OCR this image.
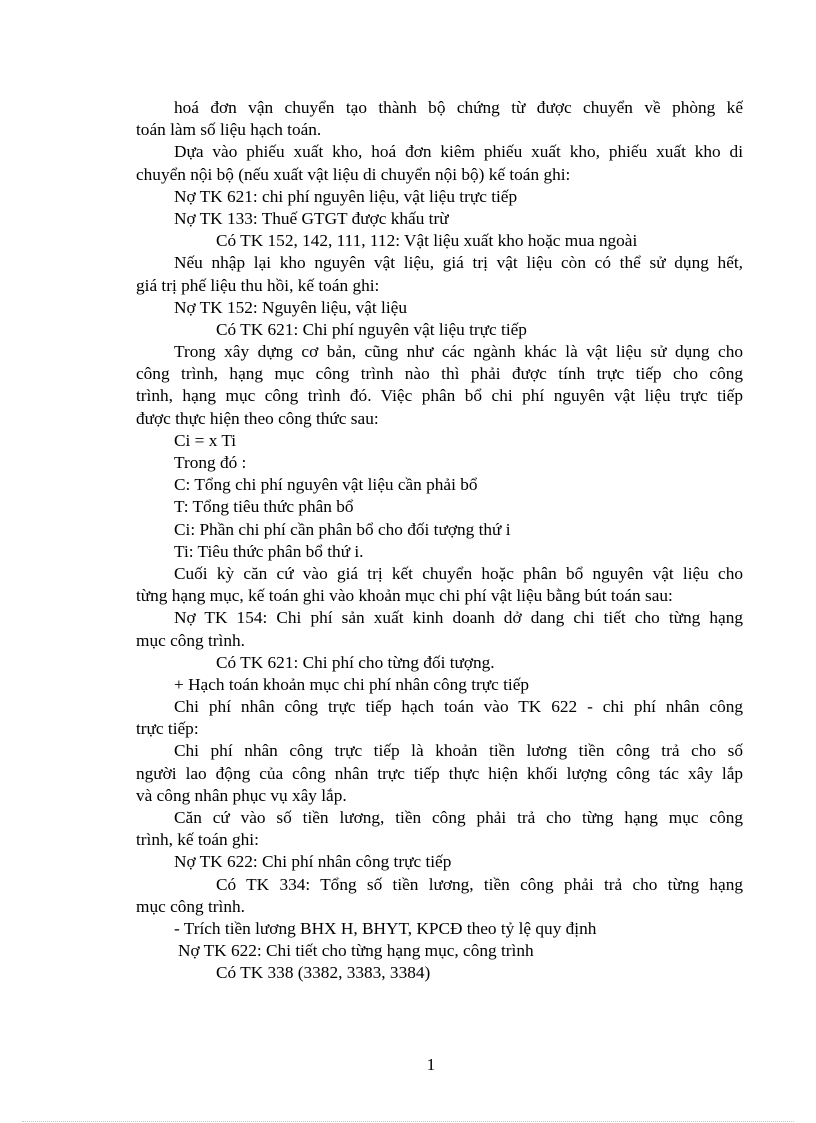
hoá đơn vận chuyển tạo thành bộ chứng từ được chuyển về phòng kế
toán làm số liệu hạch toán.
Dựa vào phiếu xuất kho, hoá đơn kiêm phiếu xuất kho, phiếu xuất kho di
chuyển nội bộ (nếu xuất vật liệu di chuyển nội bộ) kế toán ghi:
Nợ TK 621: chi phí nguyên liệu, vật liệu trực tiếp
Nợ TK 133: Thuế GTGT được khấu trừ
Có TK 152, 142, 111, 112: Vật liệu xuất kho hoặc mua ngoài
Nếu nhập lại kho nguyên vật liệu, giá trị vật liệu còn có thể sử dụng hết,
giá trị phế liệu thu hồi, kế toán ghi:
Nợ TK 152: Nguyên liệu, vật liệu
Có TK 621: Chi phí nguyên vật liệu trực tiếp
Trong xây dựng cơ bản, cũng như các ngành khác là vật liệu sử dụng cho
công trình, hạng mục công trình nào thì phải được tính trực tiếp cho công
trình, hạng mục công trình đó. Việc phân bổ chi phí nguyên vật liệu trực tiếp
được thực hiện theo công thức sau:
Ci = x Ti
Trong đó :
C: Tổng chi phí nguyên vật liệu cần phải bổ
T: Tổng tiêu thức phân bổ
Ci: Phần chi phí cần phân bổ cho đối tượng thứ i
Ti: Tiêu thức phân bổ thứ i.
Cuối kỳ căn cứ vào giá trị kết chuyển hoặc phân bổ nguyên vật liệu cho
từng hạng mục, kế toán ghi vào khoản mục chi phí vật liệu bằng bút toán sau:
Nợ TK 154: Chi phí sản xuất kinh doanh dở dang chi tiết cho từng hạng
mục công trình.
Có TK 621: Chi phí cho từng đối tượng.
+ Hạch toán khoản mục chi phí nhân công trực tiếp
Chi phí nhân công trực tiếp hạch toán vào TK 622 - chi phí nhân công
trực tiếp:
Chi phí nhân công trực tiếp là khoản tiền lương tiền công trả cho số
người lao động của công nhân trực tiếp thực hiện khối lượng công tác xây lắp
và công nhân phục vụ xây lắp.
Căn cứ vào số tiền lương, tiền công phải trả cho từng hạng mục công
trình, kế toán ghi:
Nợ TK 622: Chi phí nhân công trực tiếp
Có TK 334: Tổng số tiền lương, tiền công phải trả cho từng hạng
mục công trình.
- Trích tiền lương BHX H, BHYT, KPCĐ theo tỷ lệ quy định
Nợ TK 622: Chi tiết cho từng hạng mục, công trình
Có TK 338 (3382, 3383, 3384)
1
